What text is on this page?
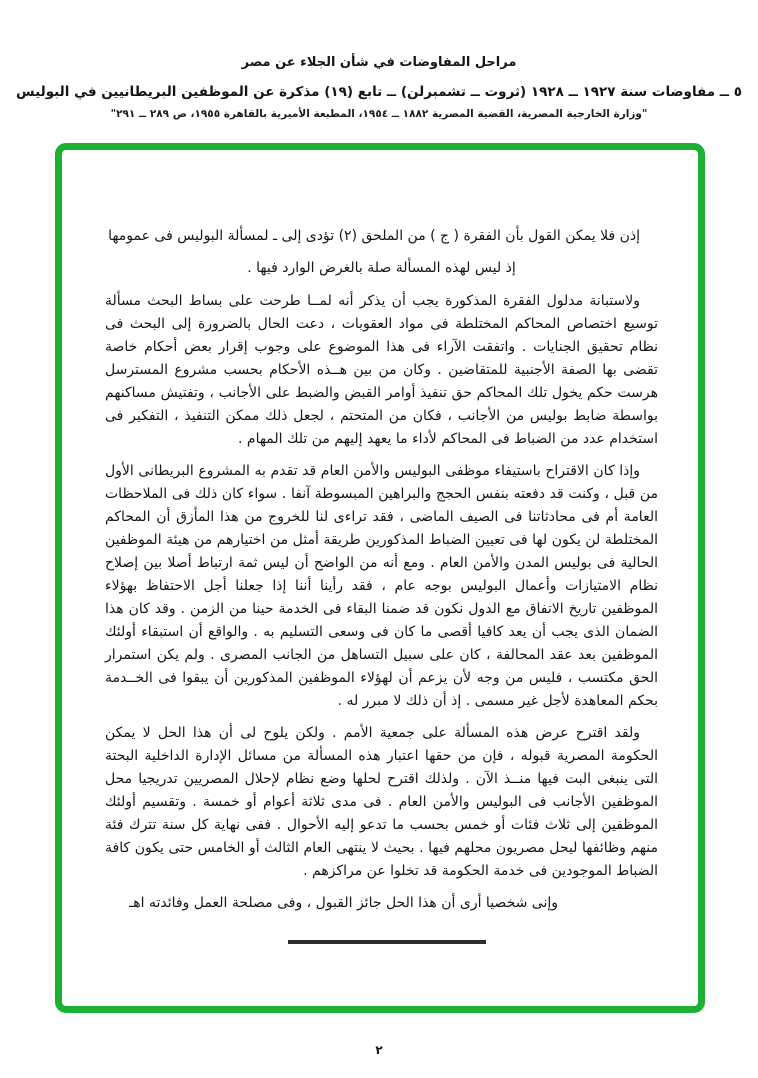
مراحل المفاوضات في شأن الجلاء عن مصر
٥ ــ مفاوضات سنة ١٩٢٧ ــ ١٩٢٨ (ثروت ــ تشمبرلن) ــ تابع (١٩) مذكرة عن الموظفين البريطانيين في البوليس
"وزارة الخارجية المصرية، القضية المصرية ١٨٨٢ ــ ١٩٥٤، المطبعة الأميرية بالقاهرة ١٩٥٥، ص ٢٨٩ ــ ٢٩١"

إذن فلا يمكن القول بأن الفقرة ( ج ) من الملحق (٢) تؤدى إلى ـ لمسألة البوليس فى عمومها

إذ ليس لهذه المسألة صلة بالغرض الوارد فيها .

ولاستبانة مدلول الفقرة المذكورة يجب أن يذكر أنه لمــا طرحت على بساط البحث مسألة توسيع اختصاص المحاكم المختلطة فى مواد العقوبات ، دعت الحال بالضرورة إلى البحث فى نظام تحقيق الجنايات . واتفقت الآراء فى هذا الموضوع على وجوب إقرار بعض أحكام خاصة تقضى بها الصفة الأجنبية للمتقاضين . وكان من بين هــذه الأحكام بحسب مشروع المسترسل هرست حكم يخول تلك المحاكم حق تنفيذ أوامر القبض والضبط على الأجانب ، وتفتيش مساكنهم بواسطة ضابط بوليس من الأجانب ، فكان من المتحتم ، لجعل ذلك ممكن التنفيذ ، التفكير فى استخدام عدد من الضباط فى المحاكم لأداء ما يعهد إليهم من تلك المهام .

وإذا كان الاقتراح باستيفاء موظفى البوليس والأمن العام قد تقدم به المشروع البريطانى الأول من قبل ، وكنت قد دفعته بنفس الحجج والبراهين المبسوطة آنفا . سواء كان ذلك فى الملاحظات العامة أم فى محادثاتنا فى الصيف الماضى ، فقد تراءى لنا للخروج من هذا المأزق أن المحاكم المختلطة لن يكون لها فى تعيين الضباط المذكورين طريقة أمثل من اختيارهم من هيئة الموظفين الحالية فى بوليس المدن والأمن العام . ومع أنه من الواضح أن ليس ثمة ارتباط أصلا بين إصلاح نظام الامتيازات وأعمال البوليس بوجه عام ، فقد رأينا أننا إذا جعلنا أجل الاحتفاظ بهؤلاء الموظفين تاريخ الاتفاق مع الدول نكون قد ضمنا البقاء فى الخدمة حينا من الزمن . وقد كان هذا الضمان الذى يجب أن يعد كافيا أقصى ما كان فى وسعى التسليم به . والواقع أن استبقاء أولئك الموظفين بعد عقد المحالفة ، كان على سبيل التساهل من الجانب المصرى . ولم يكن استمرار الحق مكتسب ، فليس من وجه لأن يزعم أن لهؤلاء الموظفين المذكورين أن يبقوا فى الخــدمة بحكم المعاهدة لأجل غير مسمى . إذ أن ذلك لا مبرر له .

ولقد اقترح عرض هذه المسألة على جمعية الأمم . ولكن يلوح لى أن هذا الحل لا يمكن الحكومة المصرية قبوله ، فإن من حقها اعتبار هذه المسألة من مسائل الإدارة الداخلية البحتة التى ينبغى البت فيها منــذ الآن . ولذلك اقترح لحلها وضع نظام لإحلال المصريين تدريجيا محل الموظفين الأجانب فى البوليس والأمن العام . فى مدى ثلاثة أعوام أو خمسة . وتقسيم أولئك الموظفين إلى ثلاث فئات أو خمس بحسب ما تدعو إليه الأحوال . ففى نهاية كل سنة تترك فئة منهم وظائفها ليحل مصريون محلهم فيها . بحيث لا ينتهى العام الثالث أو الخامس حتى يكون كافة الضباط الموجودين فى خدمة الحكومة قد تخلوا عن مراكزهم .

وإنى شخصيا أرى أن هذا الحل جائز القبول ، وفى مصلحة العمل وفائدته اهـ

٢
